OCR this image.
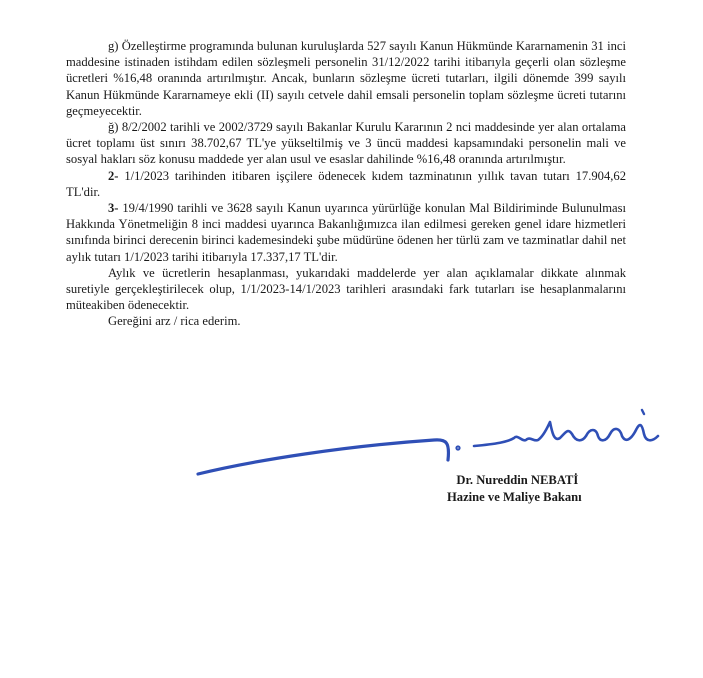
g) Özelleştirme programında bulunan kuruluşlarda 527 sayılı Kanun Hükmünde Kararnamenin 31 inci maddesine istinaden istihdam edilen sözleşmeli personelin 31/12/2022 tarihi itibarıyla geçerli olan sözleşme ücretleri %16,48 oranında artırılmıştır. Ancak, bunların sözleşme ücreti tutarları, ilgili dönemde 399 sayılı Kanun Hükmünde Kararnameye ekli (II) sayılı cetvele dahil emsali personelin toplam sözleşme ücreti tutarını geçmeyecektir.

ğ) 8/2/2002 tarihli ve 2002/3729 sayılı Bakanlar Kurulu Kararının 2 nci maddesinde yer alan ortalama ücret toplamı üst sınırı 38.702,67 TL'ye yükseltilmiş ve 3 üncü maddesi kapsamındaki personelin mali ve sosyal hakları söz konusu maddede yer alan usul ve esaslar dahilinde %16,48 oranında artırılmıştır.

2- 1/1/2023 tarihinden itibaren işçilere ödenecek kıdem tazminatının yıllık tavan tutarı 17.904,62 TL'dir.

3- 19/4/1990 tarihli ve 3628 sayılı Kanun uyarınca yürürlüğe konulan Mal Bildiriminde Bulunulması Hakkında Yönetmeliğin 8 inci maddesi uyarınca Bakanlığımızca ilan edilmesi gereken genel idare hizmetleri sınıfında birinci derecenin birinci kademesindeki şube müdürüne ödenen her türlü zam ve tazminatlar dahil net aylık tutarı 1/1/2023 tarihi itibarıyla 17.337,17 TL'dir.

Aylık ve ücretlerin hesaplanması, yukarıdaki maddelerde yer alan açıklamalar dikkate alınmak suretiyle gerçekleştirilecek olup, 1/1/2023-14/1/2023 tarihleri arasındaki fark tutarları ise hesaplanmalarını müteakiben ödenecektir.

Gereğini arz / rica ederim.

Dr. Nureddin NEBATİ
Hazine ve Maliye Bakanı
